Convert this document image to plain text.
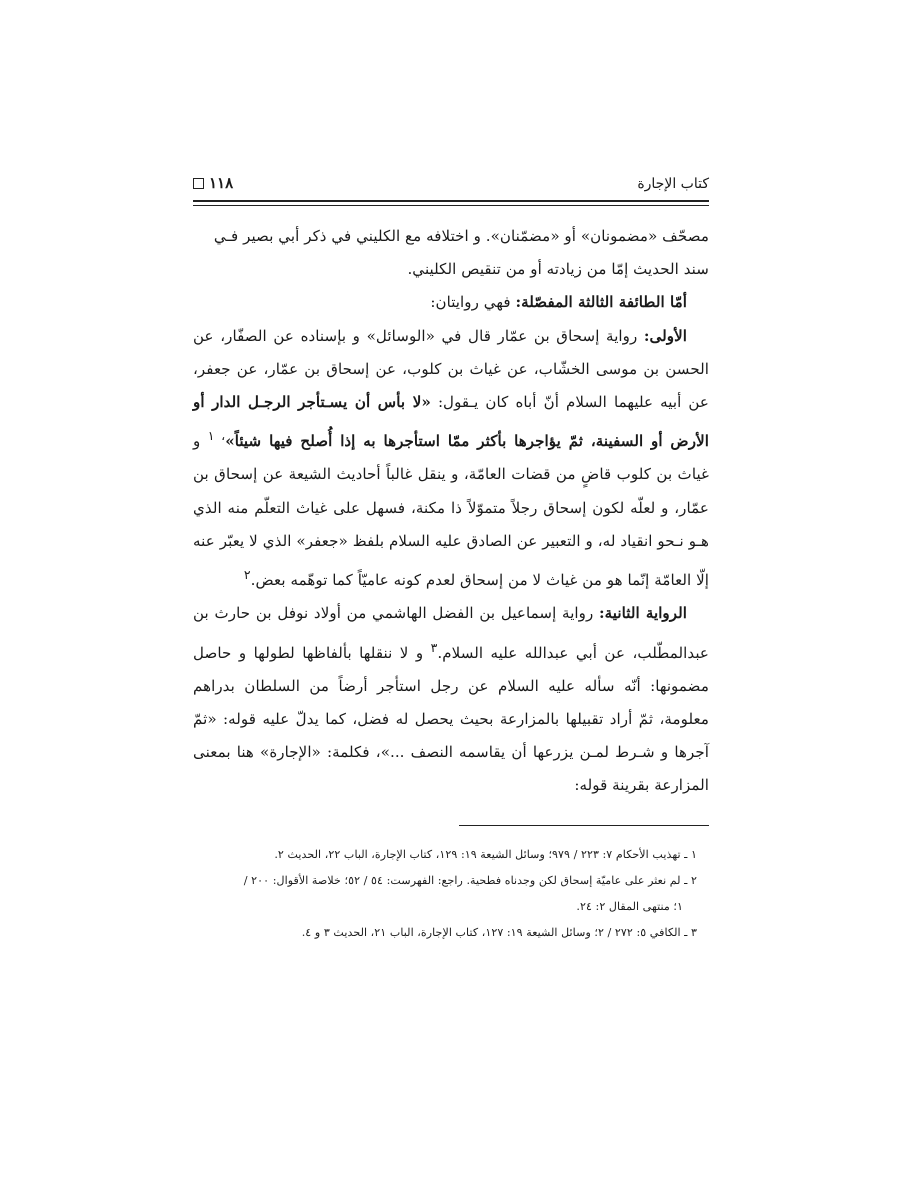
كتاب الإجارة
١١٨

مصحّف «مضمونان» أو «مضمّنان». و اختلافه مع الكليني في ذكر أبي بصير فـي
سند الحديث إمّا من زيادته أو من تنقيص الكليني.

أمّا الطائفة الثالثة المفصّلة: فهي روايتان:

الأولى: رواية إسحاق بن عمّار قال في «الوسائل» و بإسناده عن الصفّار، عن الحسن بن موسى الخشّاب، عن غياث بن كلوب، عن إسحاق بن عمّار، عن جعفر، عن أبيه عليهما السلام أنّ أباه كان يـقول: «لا بأس أن يسـتأجر الرجـل الدار أو الأرض أو السفينة، ثمّ يؤاجرها بأكثر ممّا استأجرها به إذا أُصلح فيها شيئاً»$^{، ١}$ و غياث بن كلوب قاضٍ من قضات العامّة، و ينقل غالباً أحاديث الشيعة عن إسحاق بن عمّار، و لعلّه لكون إسحاق رجلاً متموّلاً ذا مكنة، فسهل على غياث التعلّم منه الذي هـو نـحو انقياد له، و التعبير عن الصادق عليه السلام بلفظ «جعفر» الذي لا يعبّر عنه إلّا العامّة إنّما هو من غياث لا من إسحاق لعدم كونه عاميّاً كما توهّمه بعض.$^٢$

الرواية الثانية: رواية إسماعيل بن الفضل الهاشمي من أولاد نوفل بن حارث بن عبدالمطّلب، عن أبي عبدالله عليه السلام.$^٣$ و لا ننقلها بألفاظها لطولها و حاصل مضمونها: أنّه سأله عليه السلام عن رجل استأجر أرضاً من السلطان بدراهم معلومة، ثمّ أراد تقبيلها بالمزارعة بحيث يحصل له فضل، كما يدلّ عليه قوله: «ثمّ آجرها و شـرط لمـن يزرعها أن يقاسمه النصف ...»، فكلمة: «الإجارة» هنا بمعنى المزارعة بقرينة قوله:

١ ـ تهذيب الأحكام ٧: ٢٢٣ / ٩٧٩؛ وسائل الشيعة ١٩: ١٢٩، كتاب الإجارة، الباب ٢٢، الحديث ٢.

٢ ـ لم نعثر على عاميّة إسحاق لكن وجدناه فطحية. راجع: الفهرست: ٥٤ / ٥٢؛ خلاصة الأقوال: ٢٠٠ /

١؛ منتهى المقال ٢: ٢٤.

٣ ـ الكافي ٥: ٢٧٢ / ٢؛ وسائل الشيعة ١٩: ١٢٧، كتاب الإجارة، الباب ٢١، الحديث ٣ و ٤.
